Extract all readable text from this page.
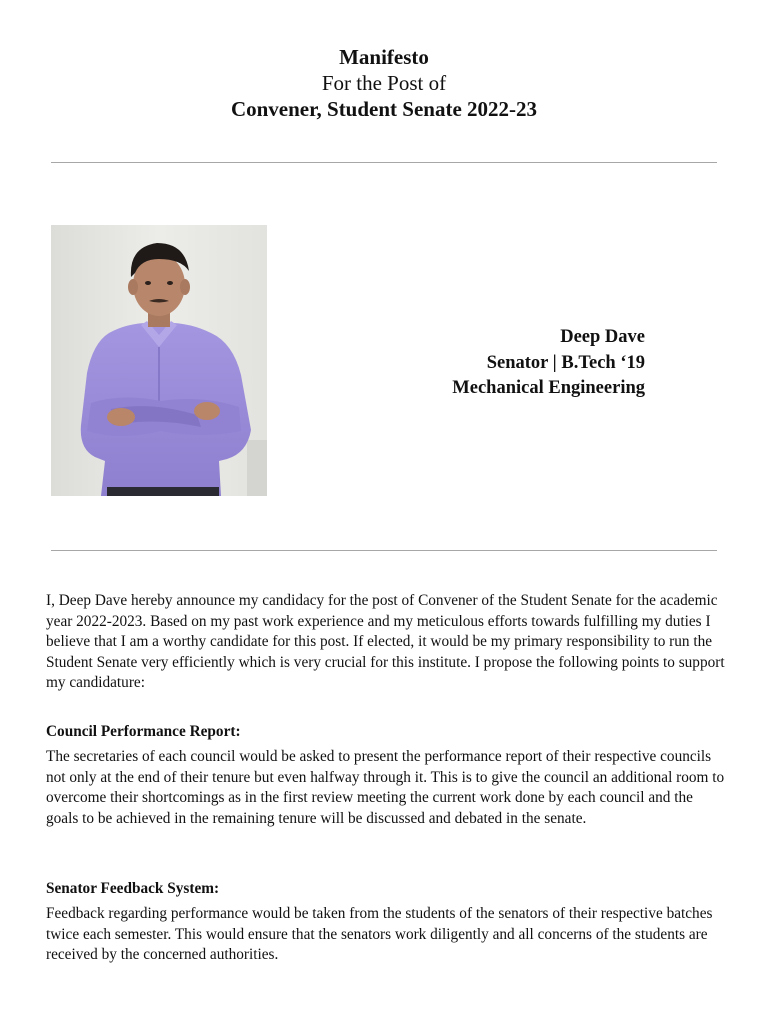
Manifesto
For the Post of
Convener, Student Senate 2022-23
Deep Dave
Senator | B.Tech ‘19
Mechanical Engineering

I, Deep Dave hereby announce my candidacy for the post of Convener of the Student Senate for the academic year 2022-2023. Based on my past work experience and my meticulous efforts towards fulfilling my duties I believe that I am a worthy candidate for this post. If elected, it would be my primary responsibility to run the Student Senate very efficiently which is very crucial for this institute. I propose the following points to support my candidature:

Council Performance Report:

The secretaries of each council would be asked to present the performance report of their respective councils not only at the end of their tenure but even halfway through it. This is to give the council an additional room to overcome their shortcomings as in the first review meeting the current work done by each council and the goals to be achieved in the remaining tenure will be discussed and debated in the senate.

Senator Feedback System:

Feedback regarding performance would be taken from the students of the senators of their respective batches twice each semester. This would ensure that the senators work diligently and all concerns of the students are received by the concerned authorities.
